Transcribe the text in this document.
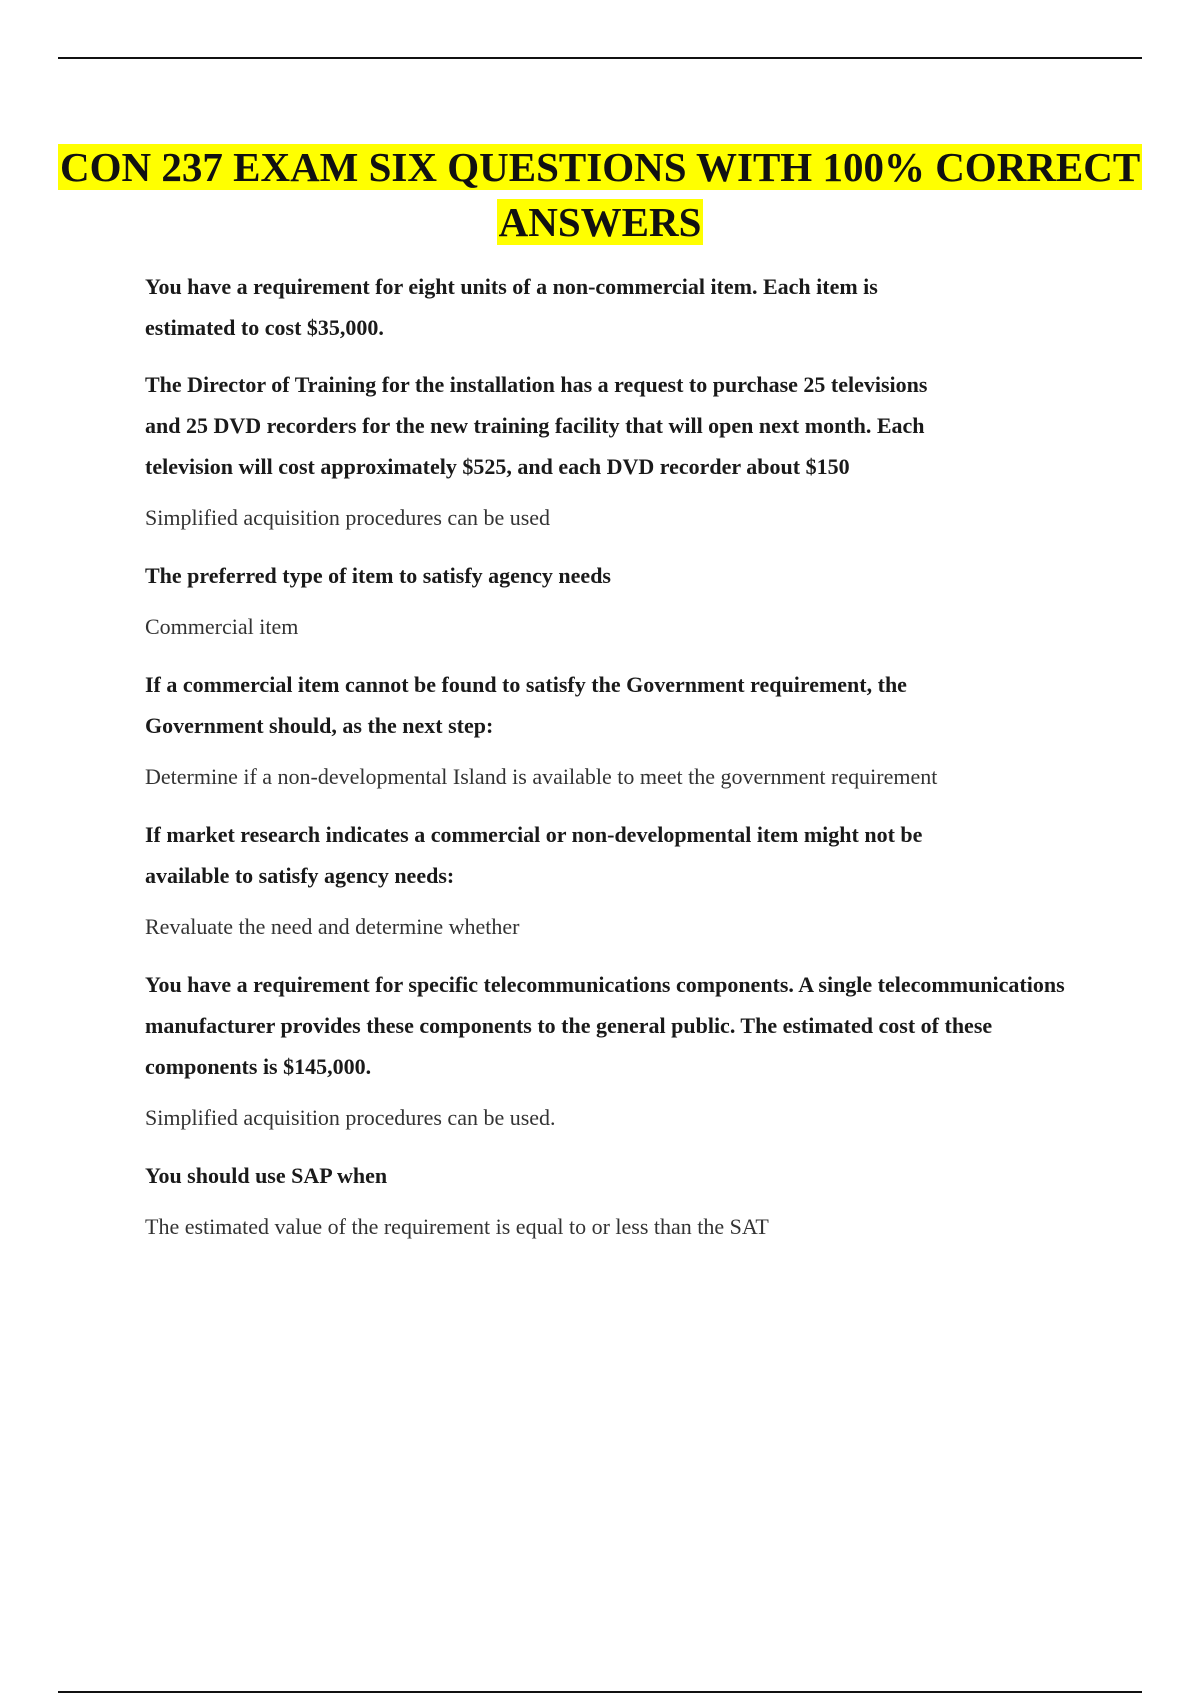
CON 237 EXAM SIX QUESTIONS WITH 100% CORRECT ANSWERS

You have a requirement for eight units of a non-commercial item. Each item is estimated to cost $35,000.

The Director of Training for the installation has a request to purchase 25 televisions and 25 DVD recorders for the new training facility that will open next month. Each television will cost approximately $525, and each DVD recorder about $150

Simplified acquisition procedures can be used

The preferred type of item to satisfy agency needs

Commercial item

If a commercial item cannot be found to satisfy the Government requirement, the Government should, as the next step:

Determine if a non-developmental Island is available to meet the government requirement

If market research indicates a commercial or non-developmental item might not be available to satisfy agency needs:

Revaluate the need and determine whether

You have a requirement for specific telecommunications components. A single telecommunications manufacturer provides these components to the general public. The estimated cost of these components is $145,000.

Simplified acquisition procedures can be used.

You should use SAP when

The estimated value of the requirement is equal to or less than the SAT
